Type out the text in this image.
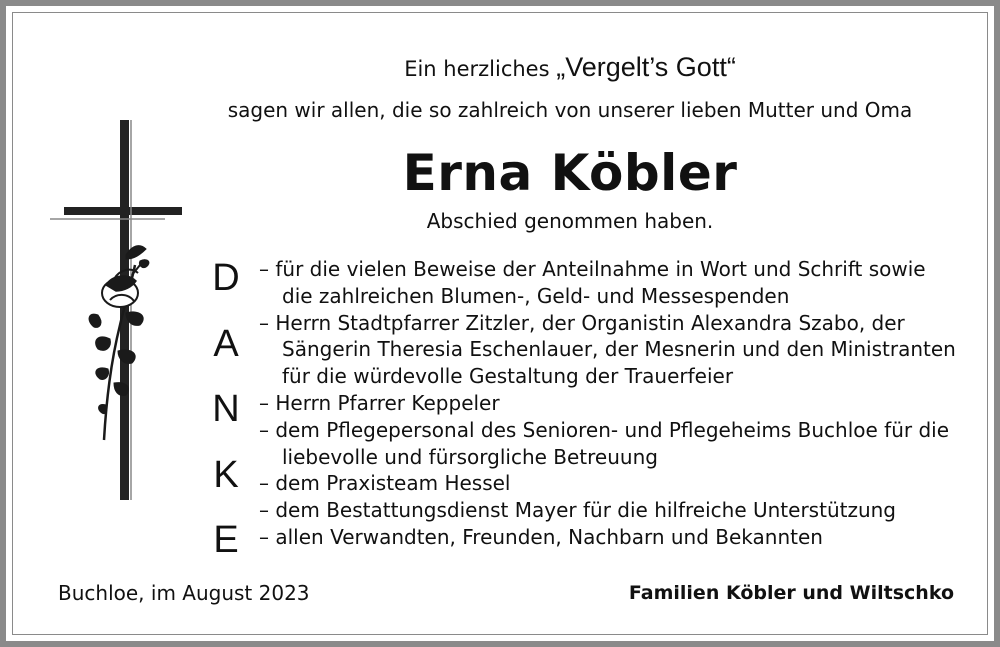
Ein herzliches „Vergelt’s Gott“
sagen wir allen, die so zahlreich von unserer lieben Mutter und Oma
Erna Köbler
Abschied genommen haben.
D
A
N
K
E
– für die vielen Beweise der Anteilnahme in Wort und Schrift sowie die zahlreichen Blumen-, Geld- und Messespenden
– Herrn Stadtpfarrer Zitzler, der Organistin Alexandra Szabo, der Sängerin Theresia Eschenlauer, der Mesnerin und den Ministranten für die würdevolle Gestaltung der Trauerfeier
– Herrn Pfarrer Keppeler
– dem Pflegepersonal des Senioren- und Pflegeheims Buchloe für die liebevolle und fürsorgliche Betreuung
– dem Praxisteam Hessel
– dem Bestattungsdienst Mayer für die hilfreiche Unterstützung
– allen Verwandten, Freunden, Nachbarn und Bekannten
Buchloe, im August 2023	Familien Köbler und Wiltschko
